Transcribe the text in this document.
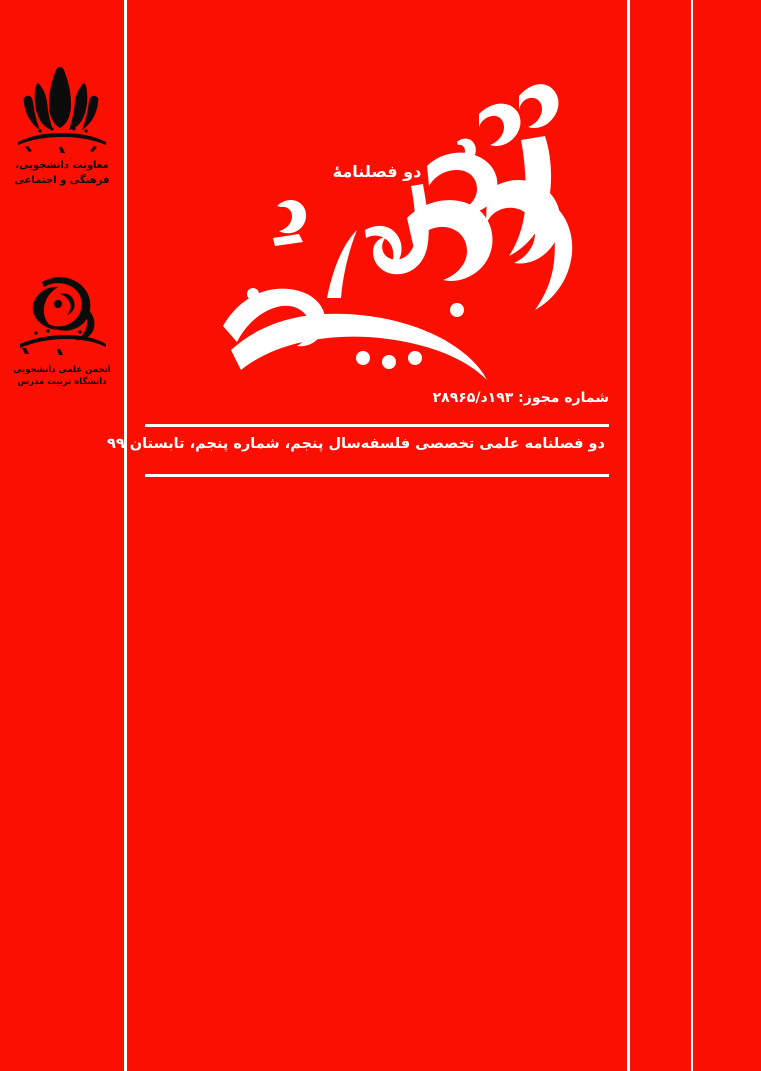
معاونت دانشجویی،
فرهنگی و اجتماعی
انجمن علمی دانشجویی
دانشگاه تربیت مدرس
دو فصلنامهٔ
شماره مجوز: ۱۹۳د/۲۸۹۶۵
دو فصلنامه علمی تخصصی فلسفه
سال پنجم، شماره پنجم، تابستان ۹۹
